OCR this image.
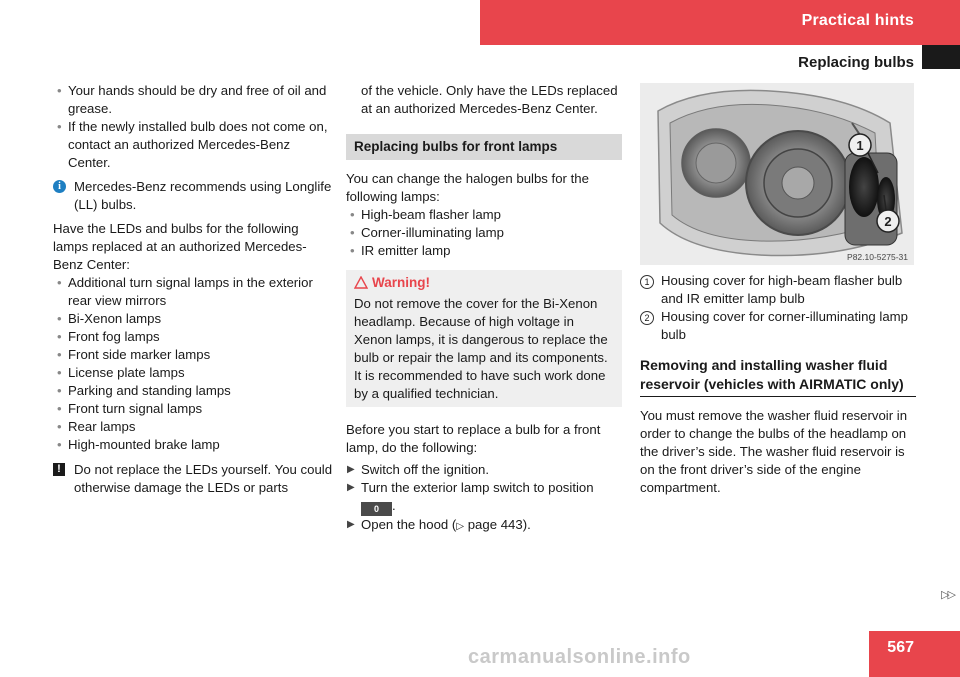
Practical hints
Replacing bulbs

• Your hands should be dry and free of oil and grease.

• If the newly installed bulb does not come on, contact an authorized Mercedes-Benz Center.

i Mercedes-Benz recommends using Longlife (LL) bulbs.

Have the LEDs and bulbs for the following lamps replaced at an authorized Mercedes-Benz Center:

• Additional turn signal lamps in the exterior rear view mirrors

• Bi-Xenon lamps

• Front fog lamps

• Front side marker lamps

• License plate lamps

• Parking and standing lamps

• Front turn signal lamps

• Rear lamps

• High-mounted brake lamp

! Do not replace the LEDs yourself. You could otherwise damage the LEDs or parts

of the vehicle. Only have the LEDs replaced at an authorized Mercedes-Benz Center.

Replacing bulbs for front lamps

You can change the halogen bulbs for the following lamps:

• High-beam flasher lamp

• Corner-illuminating lamp

• IR emitter lamp

Warning!

Do not remove the cover for the Bi-Xenon headlamp. Because of high voltage in Xenon lamps, it is dangerous to replace the bulb or repair the lamp and its components. It is recommended to have such work done by a qualified technician.

Before you start to replace a bulb for a front lamp, do the following:

▶ Switch off the ignition.

▶ Turn the exterior lamp switch to position
0 .

▶ Open the hood (▷ page 443).

1
2
P82.10-5275-31

1 Housing cover for high-beam flasher bulb and IR emitter lamp bulb

2 Housing cover for corner-illuminating lamp bulb

Removing and installing washer fluid reservoir (vehicles with AIRMATIC only)

You must remove the washer fluid reservoir in order to change the bulbs of the headlamp on the driver’s side. The washer fluid reservoir is on the front driver’s side of the engine compartment.

▷▷
567
carmanualsonline.info
